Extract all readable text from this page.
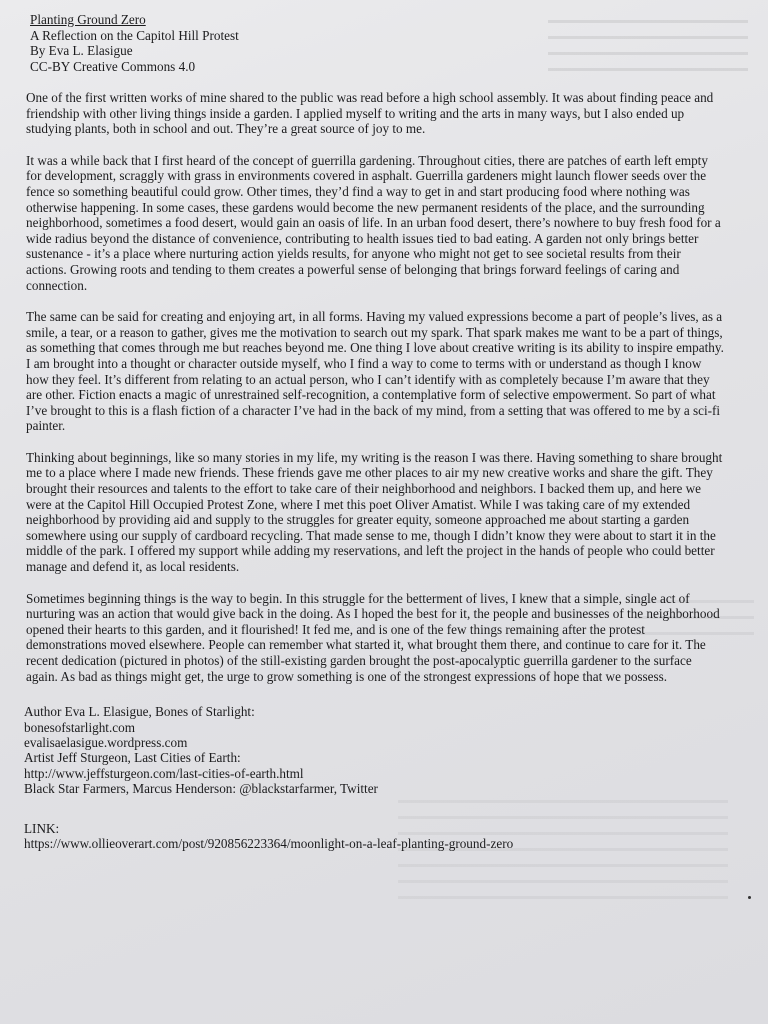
Planting Ground Zero
A Reflection on the Capitol Hill Protest
By Eva L. Elasigue
CC-BY Creative Commons 4.0

One of the first written works of mine shared to the public was read before a high school assembly. It was about finding peace and friendship with other living things inside a garden. I applied myself to writing and the arts in many ways, but I also ended up studying plants, both in school and out. They’re a great source of joy to me.

It was a while back that I first heard of the concept of guerrilla gardening. Throughout cities, there are patches of earth left empty for development, scraggly with grass in environments covered in asphalt. Guerrilla gardeners might launch flower seeds over the fence so something beautiful could grow. Other times, they’d find a way to get in and start producing food where nothing was otherwise happening. In some cases, these gardens would become the new permanent residents of the place, and the surrounding neighborhood, sometimes a food desert, would gain an oasis of life. In an urban food desert, there’s nowhere to buy fresh food for a wide radius beyond the distance of convenience, contributing to health issues tied to bad eating. A garden not only brings better sustenance - it’s a place where nurturing action yields results, for anyone who might not get to see societal results from their actions. Growing roots and tending to them creates a powerful sense of belonging that brings forward feelings of caring and connection.

The same can be said for creating and enjoying art, in all forms. Having my valued expressions become a part of people’s lives, as a smile, a tear, or a reason to gather, gives me the motivation to search out my spark. That spark makes me want to be a part of things, as something that comes through me but reaches beyond me. One thing I love about creative writing is its ability to inspire empathy. I am brought into a thought or character outside myself, who I find a way to come to terms with or understand as though I know how they feel. It’s different from relating to an actual person, who I can’t identify with as completely because I’m aware that they are other. Fiction enacts a magic of unrestrained self-recognition, a contemplative form of selective empowerment. So part of what I’ve brought to this is a flash fiction of a character I’ve had in the back of my mind, from a setting that was offered to me by a sci-fi painter.

Thinking about beginnings, like so many stories in my life, my writing is the reason I was there. Having something to share brought me to a place where I made new friends. These friends gave me other places to air my new creative works and share the gift. They brought their resources and talents to the effort to take care of their neighborhood and neighbors. I backed them up, and here we were at the Capitol Hill Occupied Protest Zone, where I met this poet Oliver Amatist. While I was taking care of my extended neighborhood by providing aid and supply to the struggles for greater equity, someone approached me about starting a garden somewhere using our supply of cardboard recycling. That made sense to me, though I didn’t know they were about to start it in the middle of the park. I offered my support while adding my reservations, and left the project in the hands of people who could better manage and defend it, as local residents.

Sometimes beginning things is the way to begin. In this struggle for the betterment of lives, I knew that a simple, single act of nurturing was an action that would give back in the doing. As I hoped the best for it, the people and businesses of the neighborhood opened their hearts to this garden, and it flourished! It fed me, and is one of the few things remaining after the protest demonstrations moved elsewhere. People can remember what started it, what brought them there, and continue to care for it. The recent dedication (pictured in photos) of the still-existing garden brought the post-apocalyptic guerrilla gardener to the surface again. As bad as things might get, the urge to grow something is one of the strongest expressions of hope that we possess.

Author Eva L. Elasigue, Bones of Starlight:
bonesofstarlight.com
evalisaelasigue.wordpress.com
Artist Jeff Sturgeon, Last Cities of Earth:
http://www.jeffsturgeon.com/last-cities-of-earth.html
Black Star Farmers, Marcus Henderson: @blackstarfarmer, Twitter
LINK:
https://www.ollieoverart.com/post/920856223364/moonlight-on-a-leaf-planting-ground-zero
